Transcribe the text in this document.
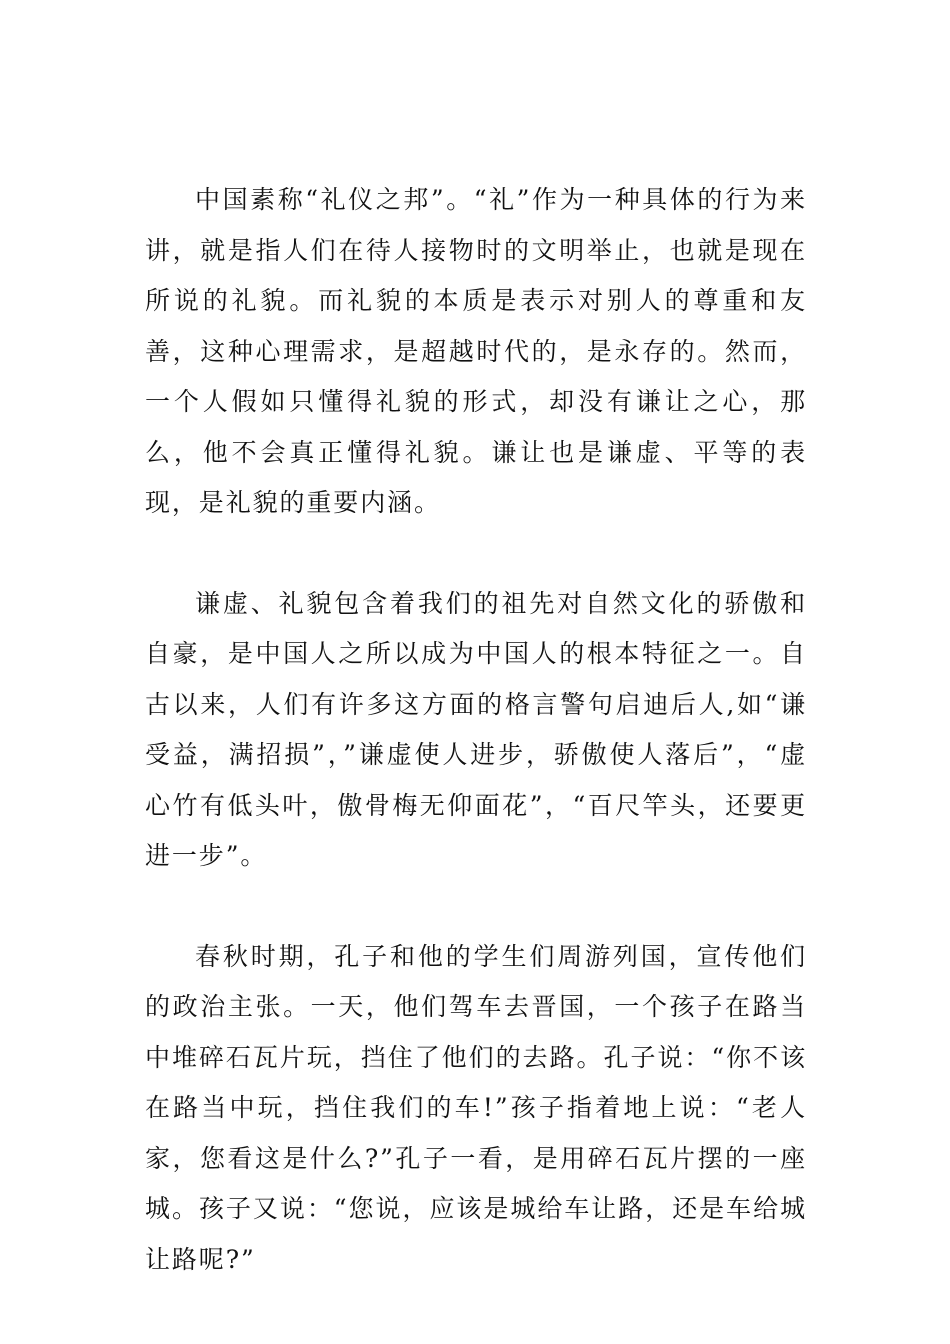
中国素称“礼仪之邦”。“礼”作为一种具体的行为来讲，就是指人们在待人接物时的文明举止，也就是现在所说的礼貌。而礼貌的本质是表示对别人的尊重和友善，这种心理需求，是超越时代的，是永存的。然而，一个人假如只懂得礼貌的形式，却没有谦让之心，那么，他不会真正懂得礼貌。谦让也是谦虚、平等的表现，是礼貌的重要内涵。

谦虚、礼貌包含着我们的祖先对自然文化的骄傲和自豪，是中国人之所以成为中国人的根本特征之一。自古以来，人们有许多这方面的格言警句启迪后人,如“谦受益，满招损”，”谦虚使人进步，骄傲使人落后”，“虚心竹有低头叶，傲骨梅无仰面花”，“百尺竿头，还要更进一步”。

春秋时期，孔子和他的学生们周游列国，宣传他们的政治主张。一天，他们驾车去晋国，一个孩子在路当中堆碎石瓦片玩，挡住了他们的去路。孔子说：“你不该在路当中玩，挡住我们的车!”孩子指着地上说：“老人家，您看这是什么?”孔子一看，是用碎石瓦片摆的一座城。孩子又说：“您说，应该是城给车让路，还是车给城让路呢?”
